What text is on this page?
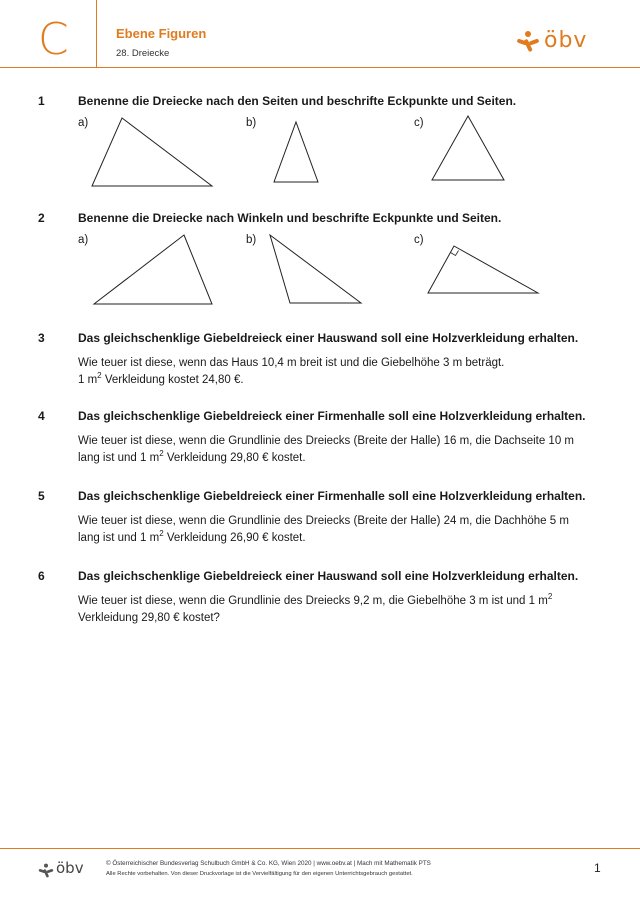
C	Ebene Figuren
28. Dreiecke
öbv
1	Benenne die Dreiecke nach den Seiten und beschrifte Eckpunkte und Seiten.
a)	b)	c)
2	Benenne die Dreiecke nach Winkeln und beschrifte Eckpunkte und Seiten.
a)	b)	c)
3	Das gleichschenklige Giebeldreieck einer Hauswand soll eine Holzverkleidung erhalten.

Wie teuer ist diese, wenn das Haus 10,4 m breit ist und die Giebelhöhe 3 m beträgt.

1 $m^2$ Verkleidung kostet 24,80 €.

4	Das gleichschenklige Giebeldreieck einer Firmenhalle soll eine Holzverkleidung erhalten.

Wie teuer ist diese, wenn die Grundlinie des Dreiecks (Breite der Halle) 16 m, die Dachseite 10 m

lang ist und 1 $m^2$ Verkleidung 29,80 € kostet.

5	Das gleichschenklige Giebeldreieck einer Firmenhalle soll eine Holzverkleidung erhalten.

Wie teuer ist diese, wenn die Grundlinie des Dreiecks (Breite der Halle) 24 m, die Dachhöhe 5 m

lang ist und 1 $m^2$ Verkleidung 26,90 € kostet.

6	Das gleichschenklige Giebeldreieck einer Hauswand soll eine Holzverkleidung erhalten.

Wie teuer ist diese, wenn die Grundlinie des Dreiecks 9,2 m, die Giebelhöhe 3 m ist und 1 $m^2$

Verkleidung 29,80 € kostet?

öbv	© Österreichischer Bundesverlag Schulbuch GmbH & Co. KG, Wien 2020 | www.oebv.at | Mach mit Mathematik PTS
Alle Rechte vorbehalten. Von dieser Druckvorlage ist die Vervielfältigung für den eigenen Unterrichtsgebrauch gestattet.	1
